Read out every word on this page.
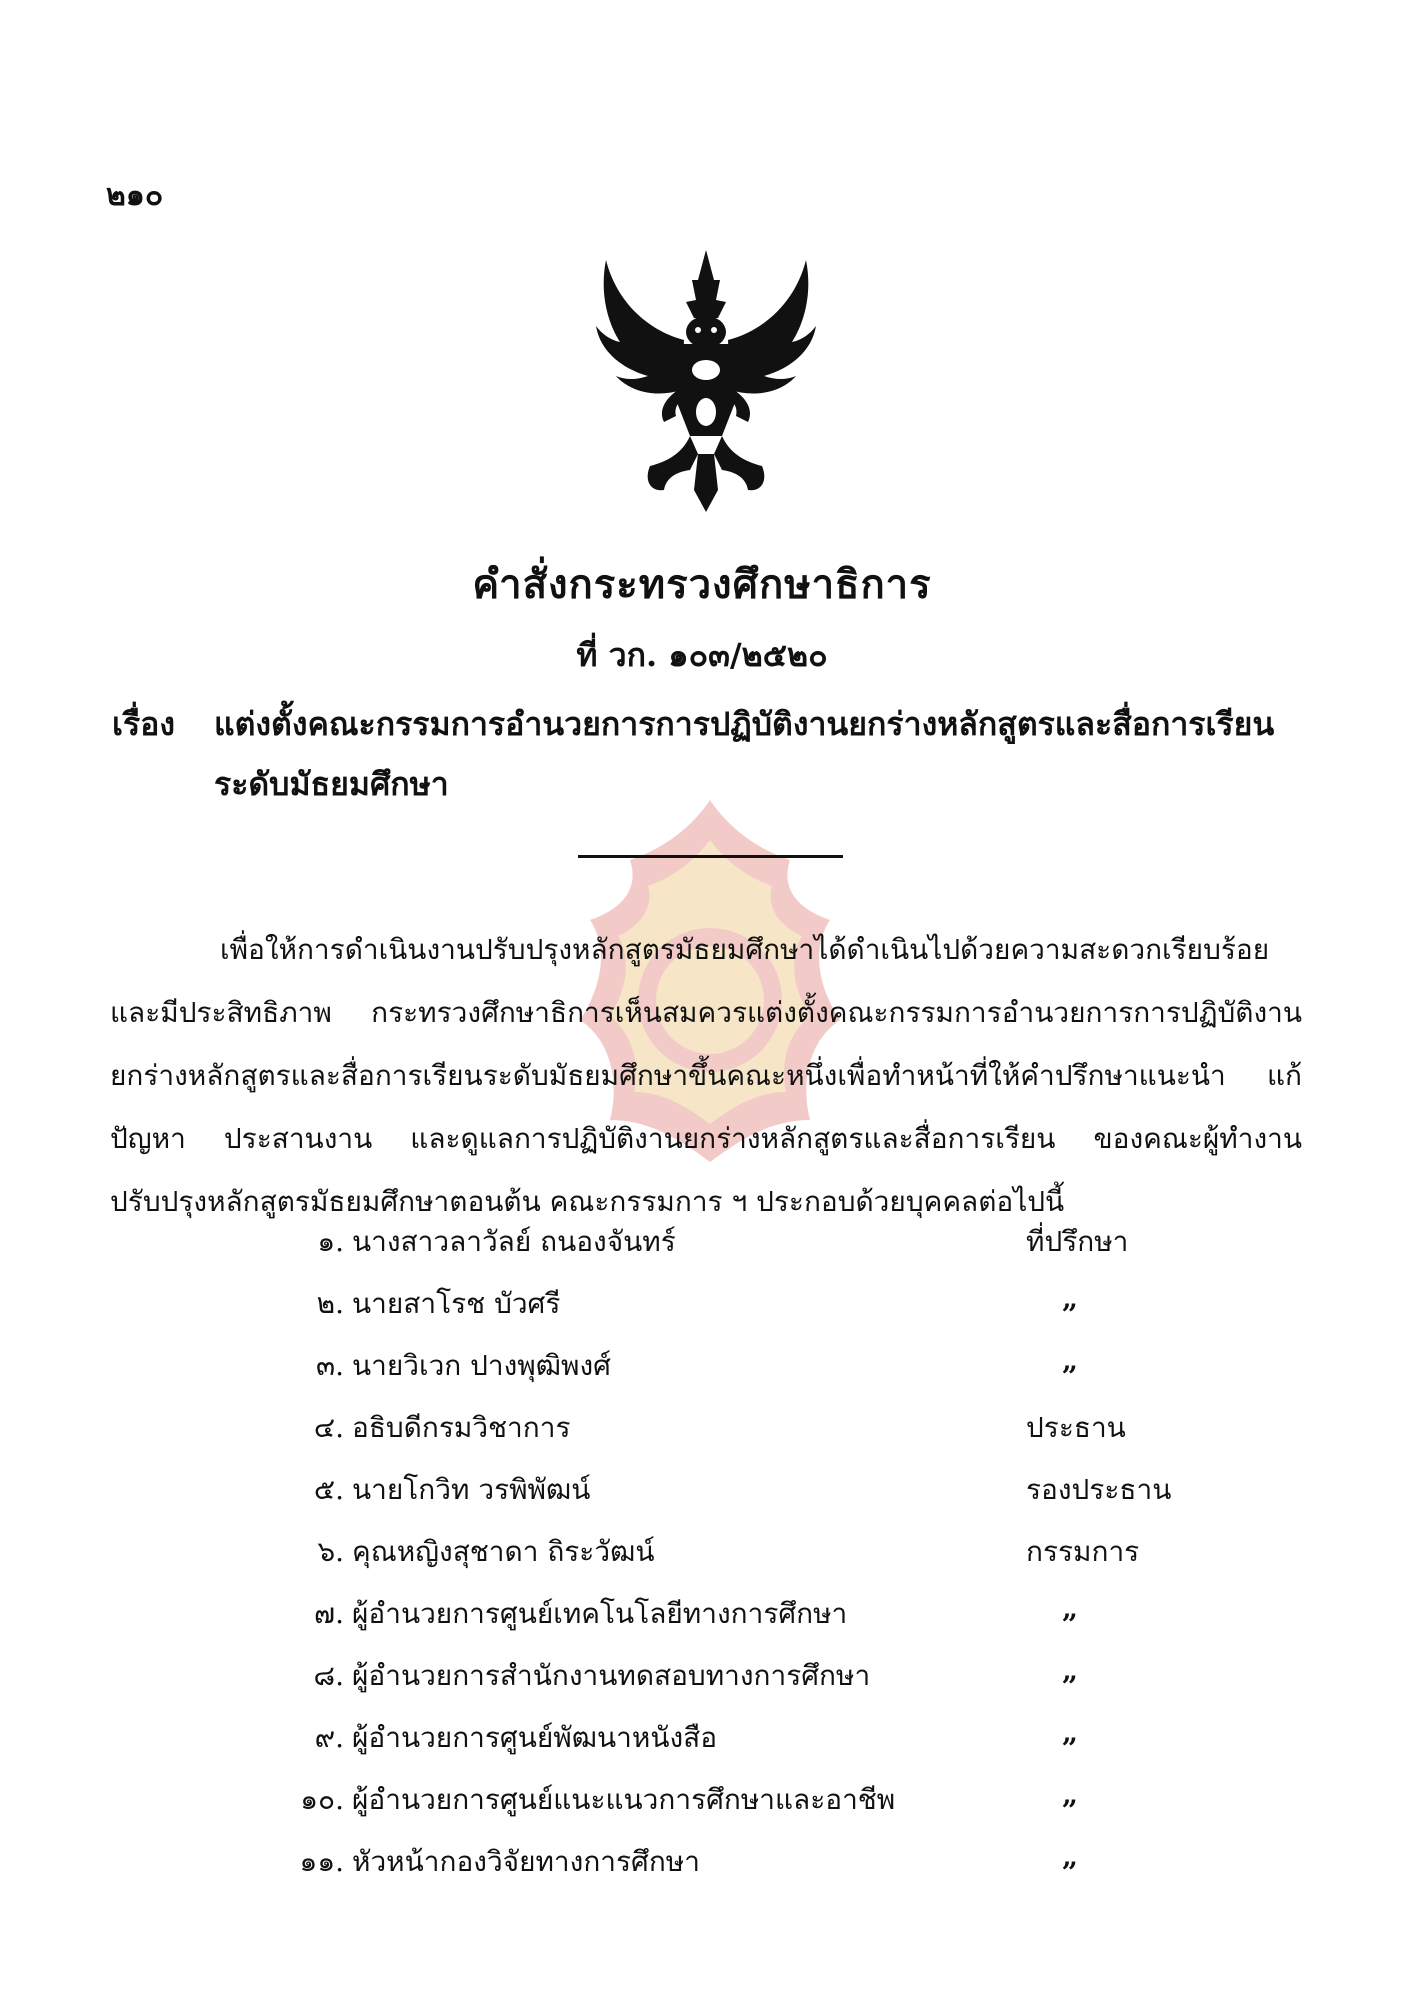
๒๑๐
คำสั่งกระทรวงศึกษาธิการ
ที่ วก. ๑๐๓/๒๕๒๐
เรื่อง แต่งตั้งคณะกรรมการอำนวยการการปฏิบัติงานยกร่างหลักสูตรและสื่อการเรียน
ระดับมัธยมศึกษา

เพื่อให้การดำเนินงานปรับปรุงหลักสูตรมัธยมศึกษาได้ดำเนินไปด้วยความสะดวกเรียบร้อย และมีประสิทธิภาพ กระทรวงศึกษาธิการเห็นสมควรแต่งตั้งคณะกรรมการอำนวยการการปฏิบัติงาน ยกร่างหลักสูตรและสื่อการเรียนระดับมัธยมศึกษาขึ้นคณะหนึ่งเพื่อทำหน้าที่ให้คำปรึกษาแนะนำ แก้ปัญหา ประสานงาน และดูแลการปฏิบัติงานยกร่างหลักสูตรและสื่อการเรียน ของคณะผู้ทำงาน ปรับปรุงหลักสูตรมัธยมศึกษาตอนต้น คณะกรรมการ ฯ ประกอบด้วยบุคคลต่อไปนี้

๑. นางสาวลาวัลย์ ถนองจันทร์	ที่ปรึกษา
๒. นายสาโรช บัวศรี	„
๓. นายวิเวก ปางพุฒิพงศ์	„
๔. อธิบดีกรมวิชาการ	ประธาน
๕. นายโกวิท วรพิพัฒน์	รองประธาน
๖. คุณหญิงสุชาดา ถิระวัฒน์	กรรมการ
๗. ผู้อำนวยการศูนย์เทคโนโลยีทางการศึกษา	„
๘. ผู้อำนวยการสำนักงานทดสอบทางการศึกษา	„
๙. ผู้อำนวยการศูนย์พัฒนาหนังสือ	„
๑๐. ผู้อำนวยการศูนย์แนะแนวการศึกษาและอาชีพ	„
๑๑. หัวหน้ากองวิจัยทางการศึกษา	„
